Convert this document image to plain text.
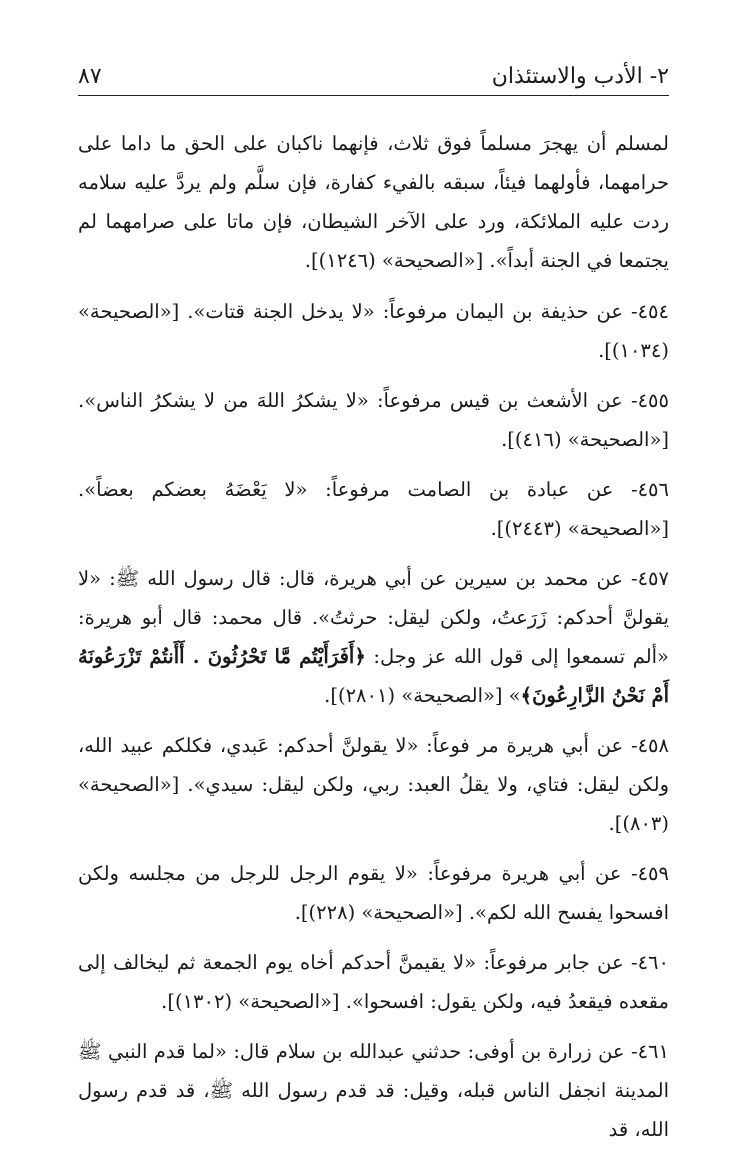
٨٧	٢- الأدب والاستئذان

لمسلم أن يهجرَ مسلماً فوق ثلاث، فإنهما ناكبان على الحق ما داما على حرامهما، فأولهما فيئاً، سبقه بالفيء كفارة، فإن سلَّم ولم يردَّ عليه سلامه ردت عليه الملائكة، ورد على الآخر الشيطان، فإن ماتا على صرامهما لم يجتمعا في الجنة أبداً». [«الصحيحة» (١٢٤٦)].

٤٥٤- عن حذيفة بن اليمان مرفوعاً: «لا يدخل الجنة قتات». [«الصحيحة» (١٠٣٤)].

٤٥٥- عن الأشعث بن قيس مرفوعاً: «لا يشكرُ اللهَ من لا يشكرُ الناس». [«الصحيحة» (٤١٦)].

٤٥٦- عن عبادة بن الصامت مرفوعاً: «لا يَعْضَهُ بعضكم بعضاً». [«الصحيحة» (٢٤٤٣)].

٤٥٧- عن محمد بن سيرين عن أبي هريرة، قال: قال رسول الله ﷺ: «لا يقولنَّ أحدكم: زَرَعتُ، ولكن ليقل: حرثتُ». قال محمد: قال أبو هريرة: «ألم تسمعوا إلى قول الله عز وجل: ﴿أَفَرَأَيْتُم مَّا تَحْرُثُونَ . أَأَنتُمْ تَزْرَعُونَهُ أَمْ نَحْنُ الزَّارِعُونَ﴾» [«الصحيحة» (٢٨٠١)].

٤٥٨- عن أبي هريرة مر فوعاً: «لا يقولنَّ أحدكم: عَبدي، فكلكم عبيد الله، ولكن ليقل: فتاي، ولا يقلُ العبد: ربي، ولكن ليقل: سيدي». [«الصحيحة» (٨٠٣)].

٤٥٩- عن أبي هريرة مرفوعاً: «لا يقوم الرجل للرجل من مجلسه ولكن افسحوا يفسح الله لكم». [«الصحيحة» (٢٢٨)].

٤٦٠- عن جابر مرفوعاً: «لا يقيمنَّ أحدكم أخاه يوم الجمعة ثم ليخالف إلى مقعده فيقعدُ فيه، ولكن يقول: افسحوا». [«الصحيحة» (١٣٠٢)].

٤٦١- عن زرارة بن أوفى: حدثني عبدالله بن سلام قال: «لما قدم النبي ﷺ المدينة انجفل الناس قبله، وقيل: قد قدم رسول الله ﷺ، قد قدم رسول الله، قد
